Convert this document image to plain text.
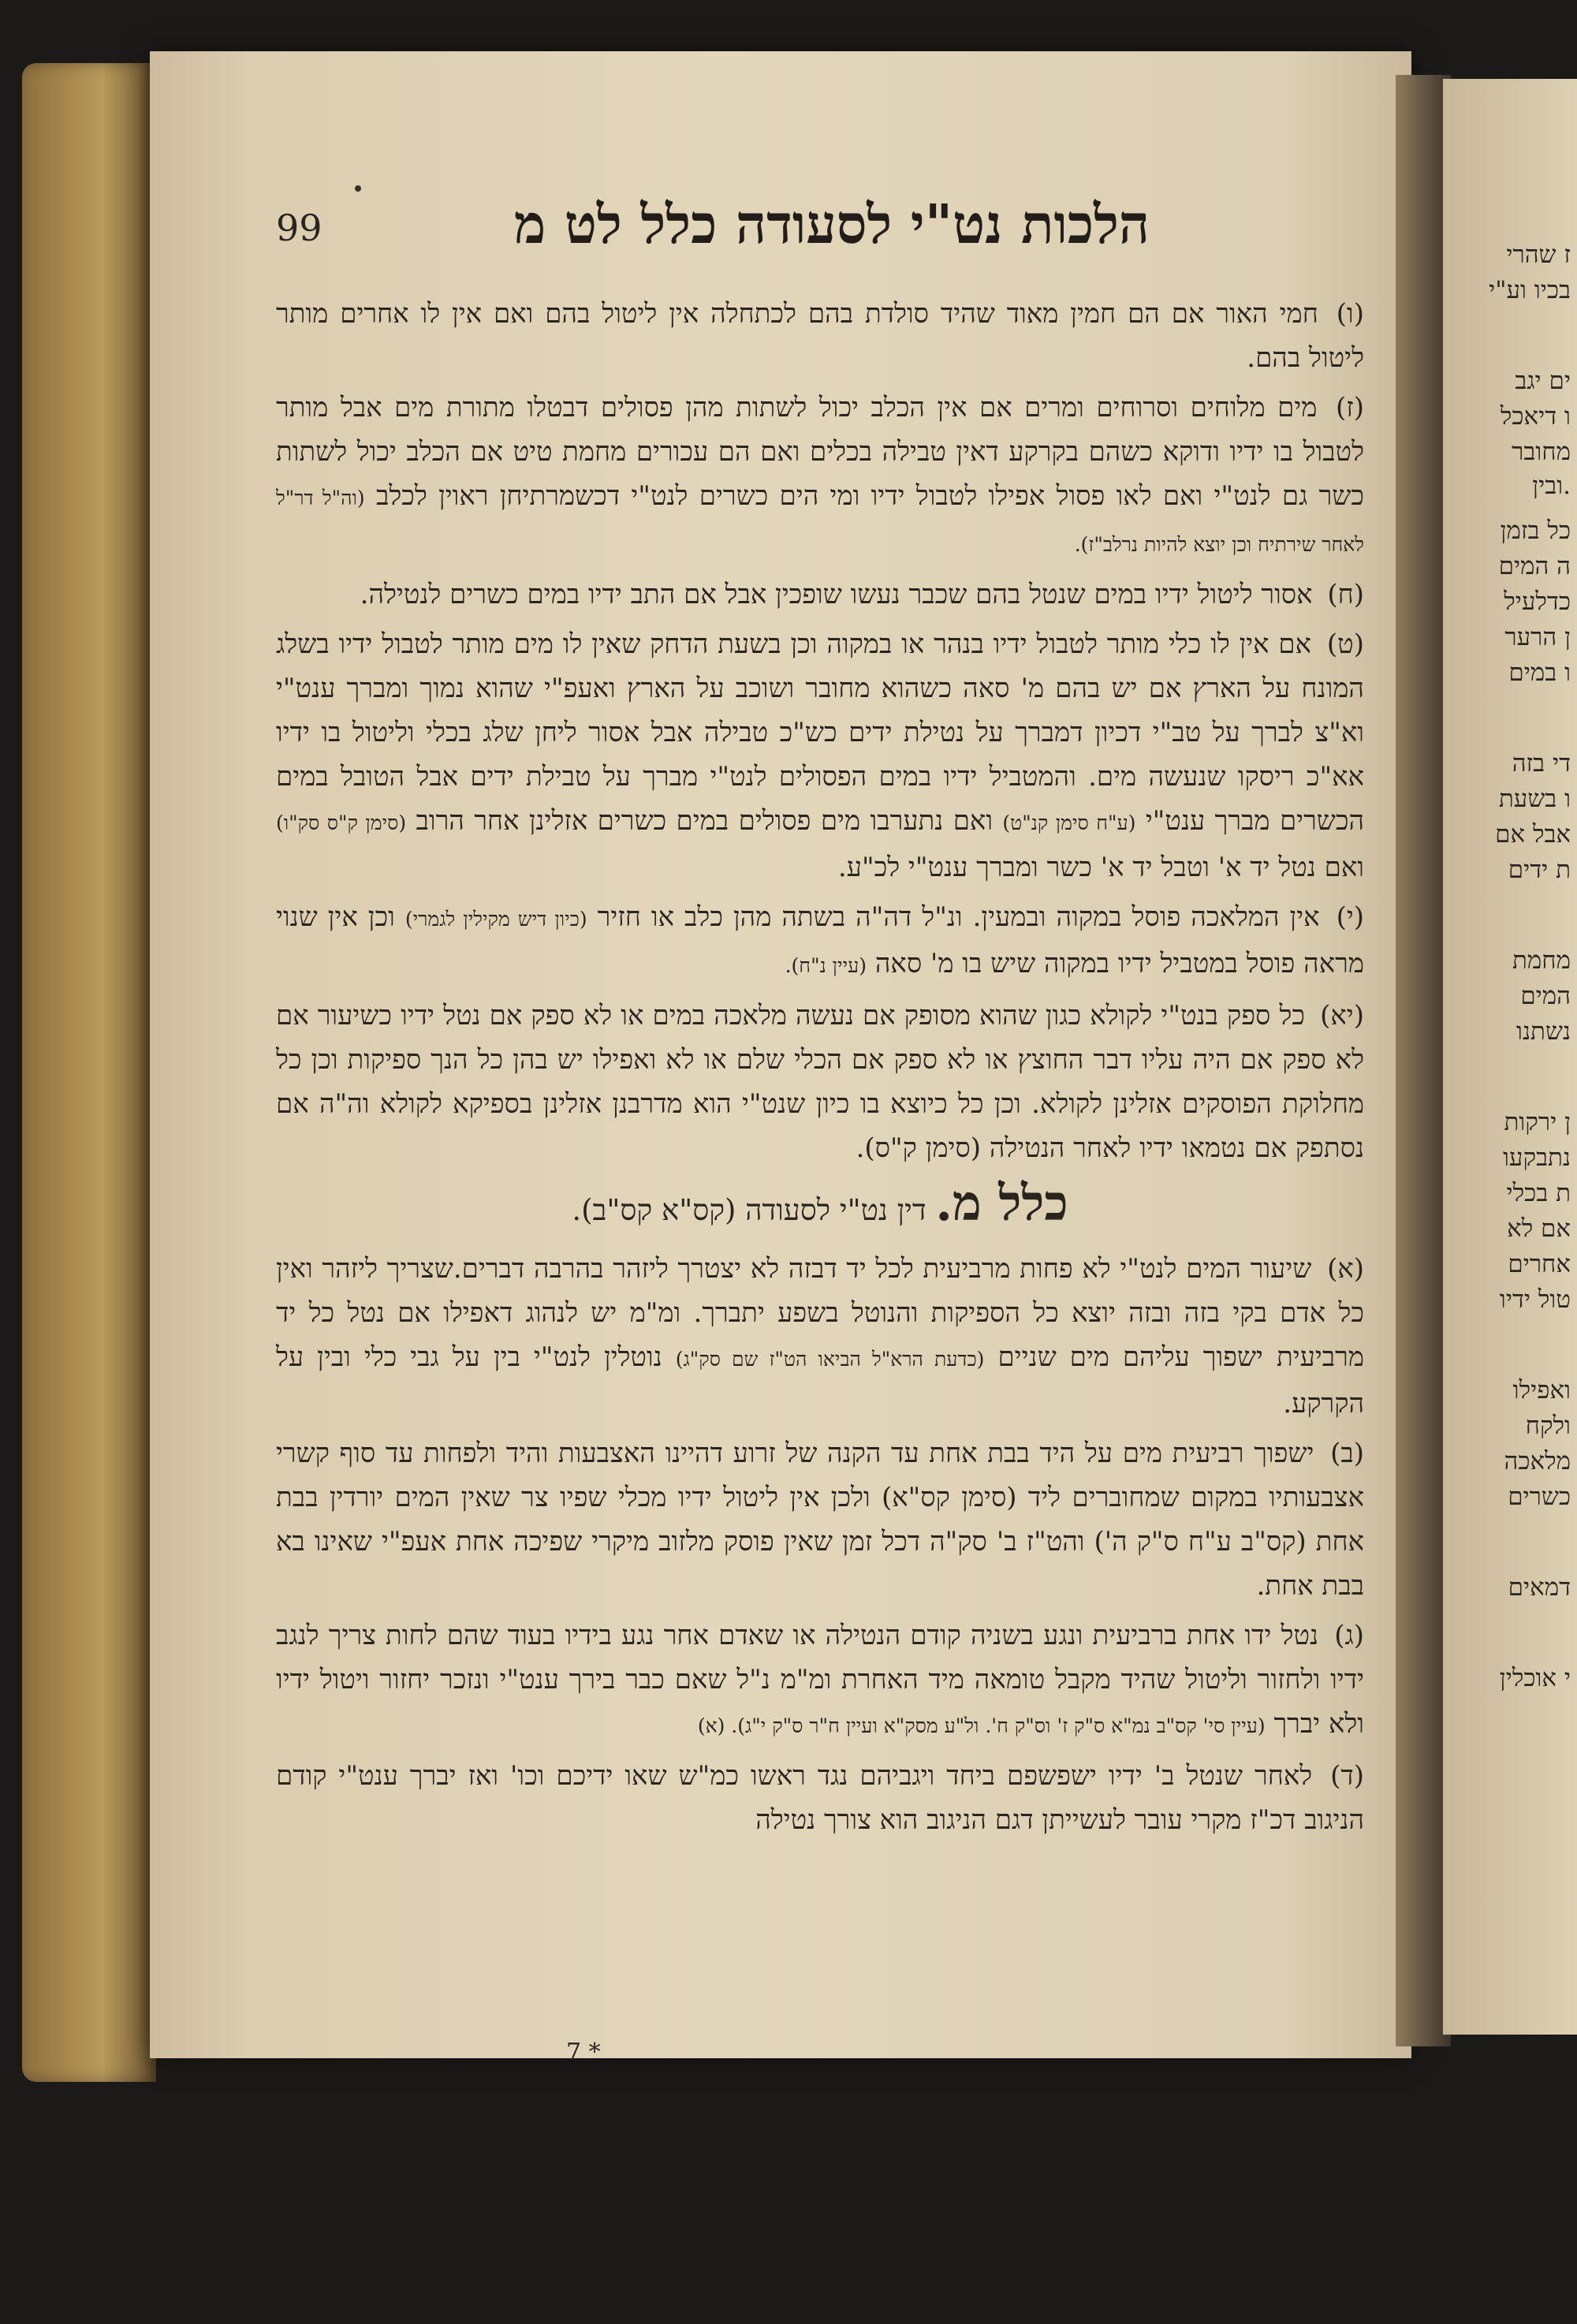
ז שהרי
בכיו וע"י
ים יגב
ו דיאכל
מחובר
ובין.
כל בזמן
ה המים
כדלעיל
ן הרער
ו במים
די בזה
ו בשעת
אבל אם
ת ידים
מחמת
המים
נשתנו
ן ירקות
נתבקעו
ת בכלי
אם לא
אחרים
טול ידיו
ואפילו
ולקח
מלאכה
כשרים
דמאים
י אוכלין
99	הלכות נט"י לסעודה כלל לט מ
(ו) חמי האור אם הם חמין מאוד שהיד סולדת בהם לכתחלה אין ליטול בהם ואם אין לו אחרים מותר ליטול בהם.
(ז) מים מלוחים וסרוחים ומרים אם אין הכלב יכול לשתות מהן פסולים דבטלו מתורת מים אבל מותר לטבול בו ידיו ודוקא כשהם בקרקע דאין טבילה בכלים ואם הם עכורים מחמת טיט אם הכלב יכול לשתות כשר גם לנט"י ואם לאו פסול אפילו לטבול ידיו ומי הים כשרים לנט"י דכשמרתיחן ראוין לכלב (וה"ל דר"ל לאחר שירתיח וכן יוצא להיות נרלב"ז).
(ח) אסור ליטול ידיו במים שנטל בהם שכבר נעשו שופכין אבל אם התב ידיו במים כשרים לנטילה.
(ט) אם אין לו כלי מותר לטבול ידיו בנהר או במקוה וכן בשעת הדחק שאין לו מים מותר לטבול ידיו בשלג המונח על הארץ אם יש בהם מ' סאה כשהוא מחובר ושוכב על הארץ ואעפ"י שהוא נמוך ומברך ענט"י וא"צ לברך על טב"י דכיון דמברך על נטילת ידים כש"כ טבילה אבל אסור ליחן שלג בכלי וליטול בו ידיו אא"כ ריסקו שנעשה מים. והמטביל ידיו במים הפסולים לנט"י מברך על טבילת ידים אבל הטובל במים הכשרים מברך ענט"י (ע"ח סימן קנ"ט) ואם נתערבו מים פסולים במים כשרים אזלינן אחר הרוב (סימן ק"ס סק"ו) ואם נטל יד א' וטבל יד א' כשר ומברך ענט"י לכ"ע.
(י) אין המלאכה פוסל במקוה ובמעין. ונ"ל דה"ה בשתה מהן כלב או חזיר (כיון דיש מקילין לגמרי) וכן אין שנוי מראה פוסל במטביל ידיו במקוה שיש בו מ' סאה (עיין נ"ח).
(יא) כל ספק בנט"י לקולא כגון שהוא מסופק אם נעשה מלאכה במים או לא ספק אם נטל ידיו כשיעור אם לא ספק אם היה עליו דבר החוצץ או לא ספק אם הכלי שלם או לא ואפילו יש בהן כל הנך ספיקות וכן כל מחלוקת הפוסקים אזלינן לקולא. וכן כל כיוצא בו כיון שנט"י הוא מדרבנן אזלינן בספיקא לקולא וה"ה אם נסתפק אם נטמאו ידיו לאחר הנטילה (סימן ק"ס).
כלל מ. דין נט"י לסעודה (קס"א קס"ב).
(א) שיעור המים לנט"י לא פחות מרביעית לכל יד דבזה לא יצטרך ליזהר בהרבה דברים.שצריך ליזהר ואין כל אדם בקי בזה ובזה יוצא כל הספיקות והנוטל בשפע יתברך. ומ"מ יש לנהוג דאפילו אם נטל כל יד מרביעית ישפוך עליהם מים שניים (כדעת הרא"ל הביאו הט"ז שם סק"ג) נוטלין לנט"י בין על גבי כלי ובין על הקרקע.
(ב) ישפוך רביעית מים על היד בבת אחת עד הקנה של זרוע דהיינו האצבעות והיד ולפחות עד סוף קשרי אצבעותיו במקום שמחוברים ליד (סימן קס"א) ולכן אין ליטול ידיו מכלי שפיו צר שאין המים יורדין בבת אחת (קס"ב ע"ח ס"ק ה') והט"ז ב' סק"ה דכל זמן שאין פוסק מלזוב מיקרי שפיכה אחת אעפ"י שאינו בא בבת אחת.
(ג) נטל ידו אחת ברביעית ונגע בשניה קודם הנטילה או שאדם אחר נגע בידיו בעוד שהם לחות צריך לנגב ידיו ולחזור וליטול שהיד מקבל טומאה מיד האחרת ומ"מ נ"ל שאם כבר בירך ענט"י ונזכר יחזור ויטול ידיו ולא יברך (עיין סי' קס"ב נמ"א ס"ק ז' וס"ק ח'. ול"ע מסק"א ועיין ח"ר ס"ק י"ג). (א)
(ד) לאחר שנטל ב' ידיו ישפשפם ביחד ויגביהם נגד ראשו כמ"ש שאו ידיכם וכו' ואז יברך ענט"י קודם הניגוב דכ"ז מקרי עובר לעשייתן דגם הניגוב הוא צורך נטילה
7 *
